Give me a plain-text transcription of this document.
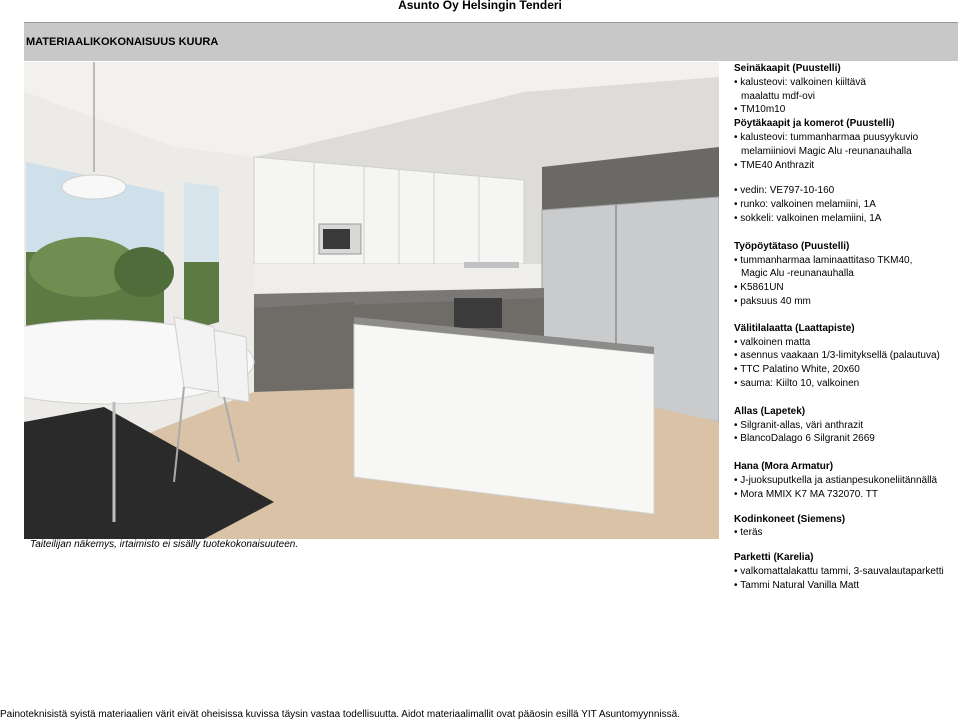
Asunto Oy Helsingin Tenderi
MATERIAALIKOKONAISUUS KUURA
Taiteilijan näkemys, irtaimisto ei sisälly tuotekokonaisuuteen.
Seinäkaapit (Puustelli)
• kalusteovi: valkoinen kiiltävä
maalattu mdf-ovi
• TM10m10
Pöytäkaapit ja komerot (Puustelli)
• kalusteovi: tummanharmaa puusyykuvio
melamiiniovi Magic Alu -reunanauhalla
• TME40 Anthrazit
• vedin: VE797-10-160
• runko: valkoinen melamiini, 1A
• sokkeli: valkoinen melamiini, 1A
Työpöytätaso (Puustelli)
• tummanharmaa laminaattitaso TKM40,
Magic Alu -reunanauhalla
• K5861UN
• paksuus 40 mm
Välitilalaatta (Laattapiste)
• valkoinen matta
• asennus vaakaan 1/3-limityksellä (palautuva)
• TTC Palatino White, 20x60
• sauma: Kiilto 10, valkoinen
Allas (Lapetek)
• Silgranit-allas, väri anthrazit
• BlancoDalago 6 Silgranit 2669
Hana (Mora Armatur)
• J-juoksuputkella ja astianpesukoneliitännällä
• Mora MMIX K7 MA 732070. TT
Kodinkoneet (Siemens)
• teräs
Parketti (Karelia)
• valkomattalakattu tammi, 3-sauvalautaparketti
• Tammi Natural Vanilla Matt
Painoteknisistä syistä materiaalien värit eivät oheisissa kuvissa täysin vastaa todellisuutta. Aidot materiaalimallit ovat pääosin esillä YIT Asuntomyynnissä.
